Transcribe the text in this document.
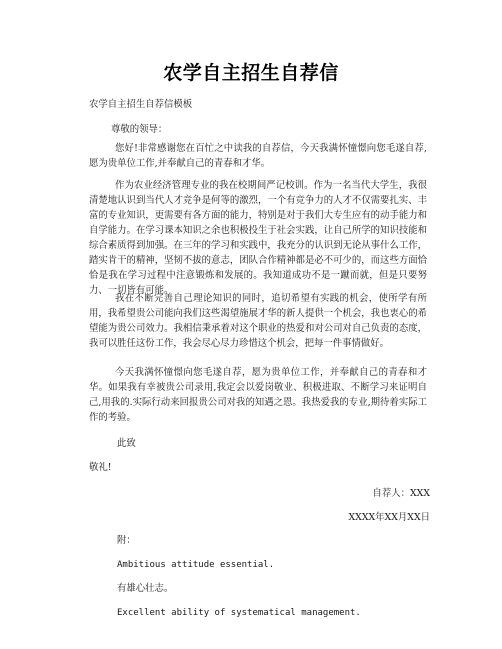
农学自主招生自荐信
农学自主招生自荐信模板
尊敬的领导：
您好!非常感谢您在百忙之中读我的自荐信，今天我满怀憧憬向您毛遂自荐,愿为贵单位工作,并奉献自己的青春和才华。
作为农业经济管理专业的我在校期间严记校训。作为一名当代大学生，我很清楚地认识到当代人才竞争是何等的激烈，一个有竞争力的人才不仅需要扎实、丰富的专业知识，更需要有各方面的能力，特别是对于我们大专生应有的动手能力和自学能力。在学习课本知识之余也积极投生于社会实践，让自己所学的知识技能和综合素质得到加强。在三年的学习和实践中，我充分的认识到无论从事什么工作，踏实肯干的精神，坚韧不拔的意志，团队合作精神都是必不可少的，而这些方面恰恰是我在学习过程中注意锻炼和发展的。我知道成功不是一蹴而就，但是只要努力、一切皆有可能。
我在不断完善自己理论知识的同时，追切希望有实践的机会，使所学有所用，我希望贵公司能向我们这些渴望施展才华的新人提供一个机会，我也衷心的希望能为贵公司效力。我相信秉承着对这个职业的热爱和对公司对自己负责的态度，我可以胜任这份工作，我会尽心尽力珍惜这个机会，把每一件事情做好。
今天我满怀憧憬向您毛遂自荐，愿为贵单位工作，并奉献自己的青春和才华。如果我有幸被贵公司录用,我定会以爱岗敬业、积极进取、不断学习来证明自己,用我的.实际行动来回报贵公司对我的知遇之恩。我热爱我的专业,期待着实际工作的考验。
此致
敬礼!
自荐人：XXX
XXXX年XX月XX日
附：
Ambitious attitude essential.
有雄心壮志。
Excellent ability of systematical management.
